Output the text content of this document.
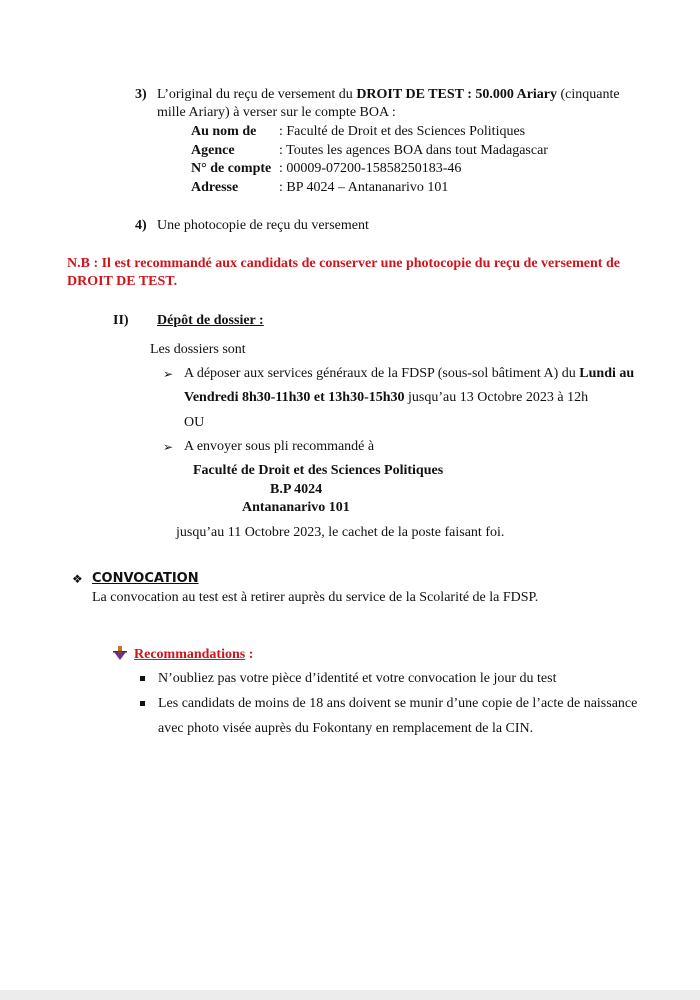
3) L’original du reçu de versement du DROIT DE TEST : 50.000 Ariary (cinquante
mille Ariary) à verser sur le compte BOA :
Au nom de : Faculté de Droit et des Sciences Politiques
Agence	: Toutes les agences BOA dans tout Madagascar
N° de compte : 00009-07200-15858250183-46
Adresse	: BP 4024 – Antananarivo 101
4) Une photocopie de reçu du versement
N.B : Il est recommandé aux candidats de conserver une photocopie du reçu de versement de
DROIT DE TEST.
II) Dépôt de dossier :
Les dossiers sont
➢ A déposer aux services généraux de la FDSP (sous-sol bâtiment A) du Lundi au
Vendredi 8h30-11h30 et 13h30-15h30 jusqu’au 13 Octobre 2023 à 12h
OU
➢ A envoyer sous pli recommandé à
Faculté de Droit et des Sciences Politiques
B.P 4024
Antananarivo 101
jusqu’au 11 Octobre 2023, le cachet de la poste faisant foi.
❖ CONVOCATION
La convocation au test est à retirer auprès du service de la Scolarité de la FDSP.
Recommandations :
N’oubliez pas votre pièce d’identité et votre convocation le jour du test
Les candidats de moins de 18 ans doivent se munir d’une copie de l’acte de naissance
avec photo visée auprès du Fokontany en remplacement de la CIN.
